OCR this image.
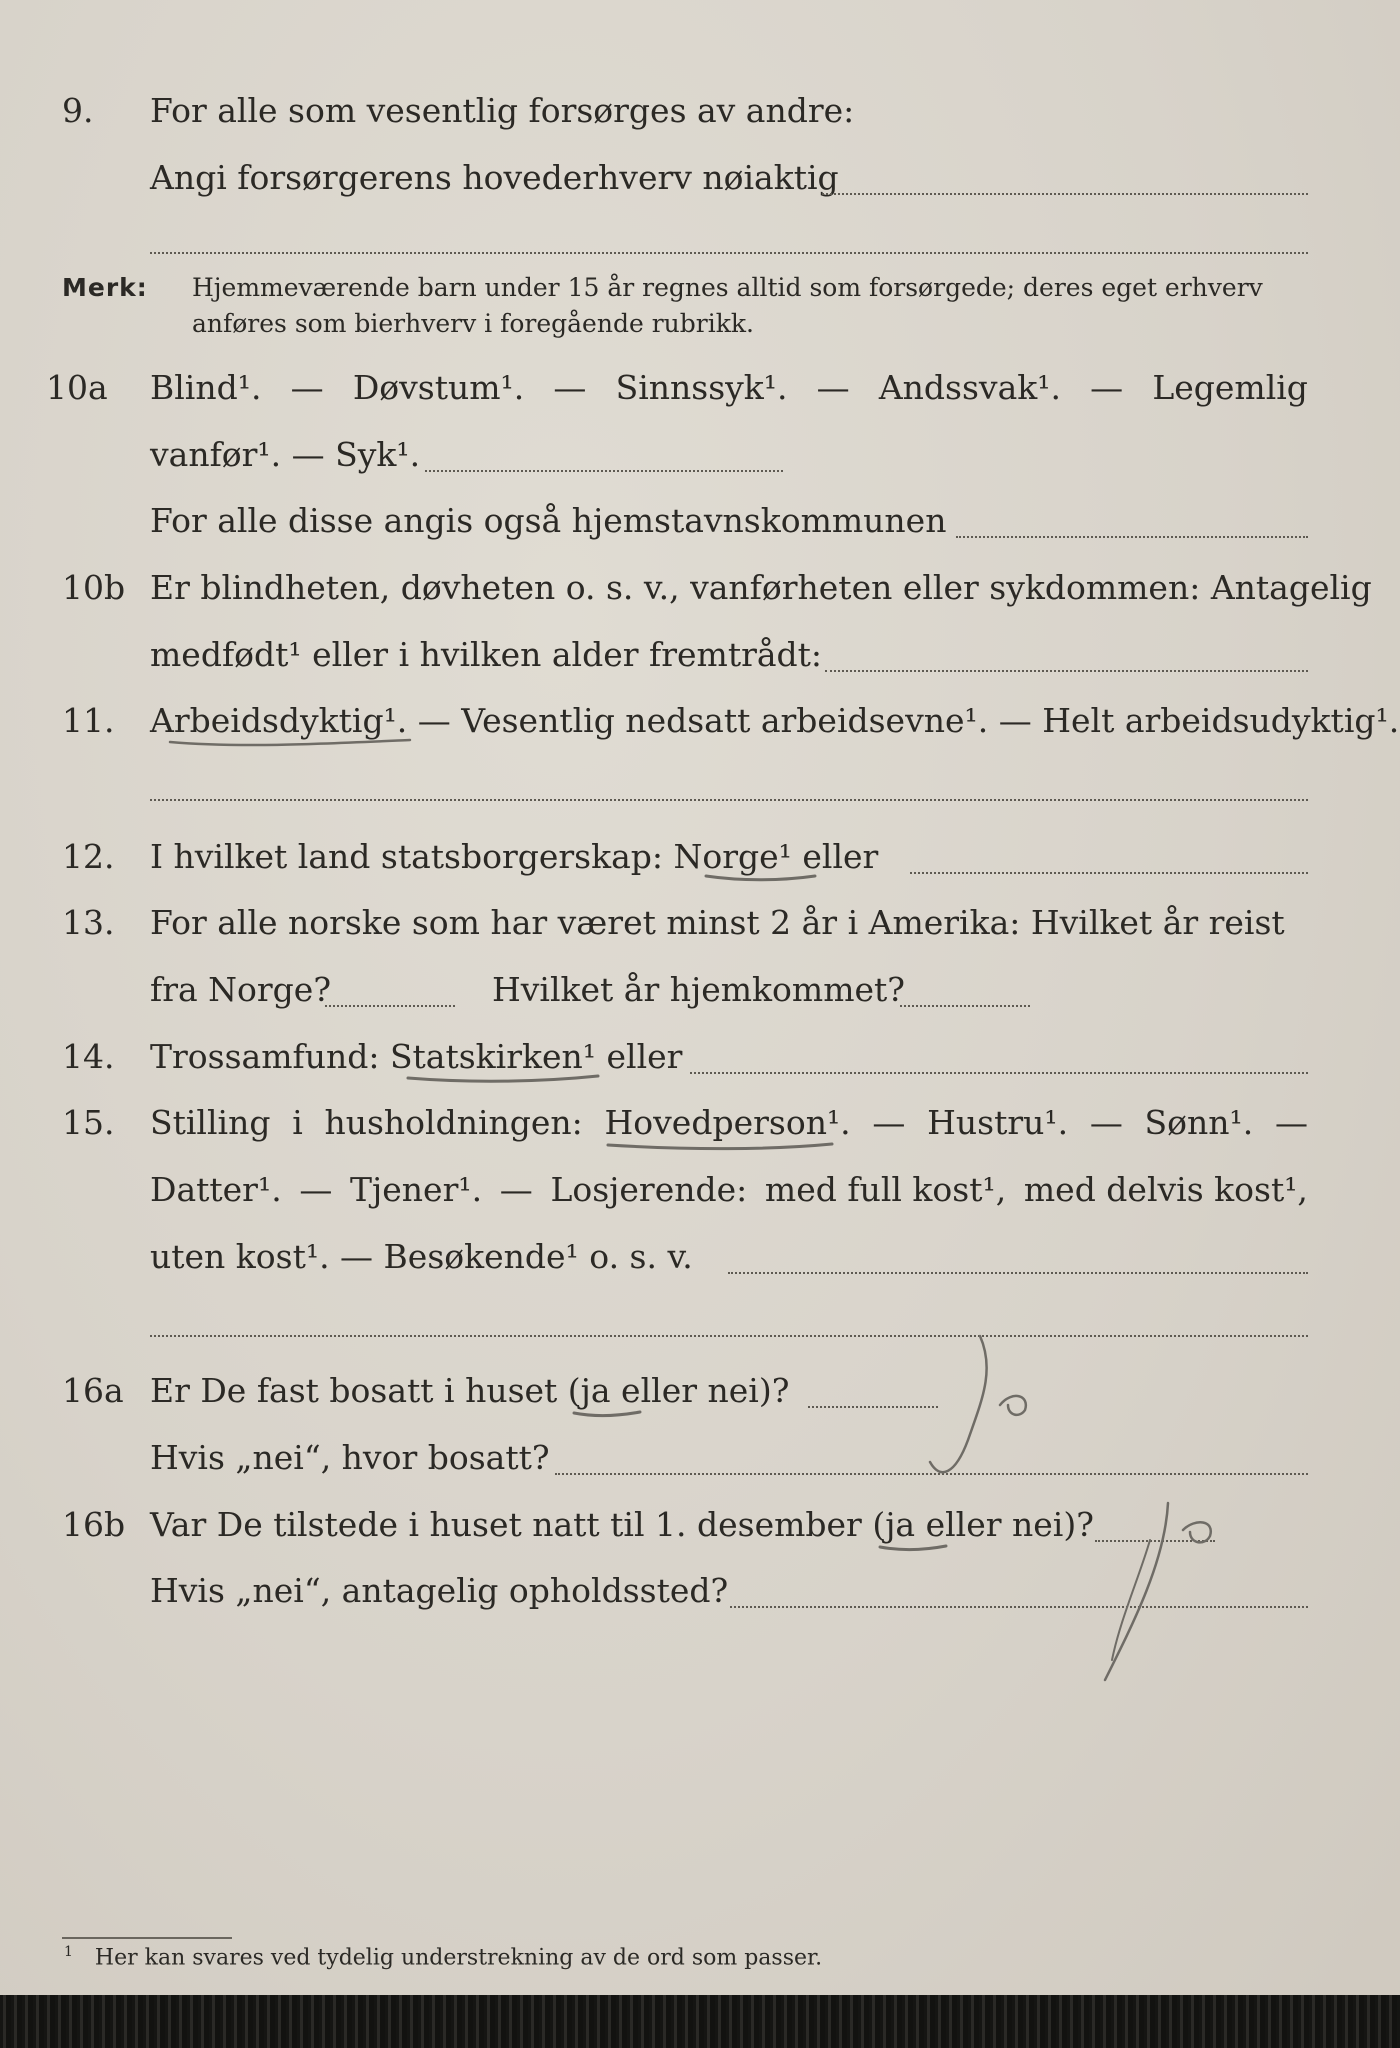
9. For alle som vesentlig forsørges av andre:
Angi forsørgerens hovederhverv nøiaktig
Merk: Hjemmeværende barn under 15 år regnes alltid som forsørgede; deres eget erhverv
anføres som bierhverv i foregående rubrikk.
10a Blind¹. — Døvstum¹. — Sinnssyk¹. — Andssvak¹. — Legemlig
vanfør¹. — Syk¹.
For alle disse angis også hjemstavnskommunen
10b Er blindheten, døvheten o. s. v., vanførheten eller sykdommen: Antagelig
medfødt¹ eller i hvilken alder fremtrådt:
11. Arbeidsdyktig¹. — Vesentlig nedsatt arbeidsevne¹. — Helt arbeidsudyktig¹.
12. I hvilket land statsborgerskap: Norge¹ eller
13. For alle norske som har været minst 2 år i Amerika: Hvilket år reist
fra Norge?	Hvilket år hjemkommet?
14. Trossamfund: Statskirken¹ eller
15. Stilling i husholdningen: Hovedperson¹. — Hustru¹. — Sønn¹. —
Datter¹. — Tjener¹. — Losjerende: med full kost¹, med delvis kost¹,
uten kost¹. — Besøkende¹ o. s. v.
16a Er De fast bosatt i huset (ja eller nei)?
Hvis „nei“, hvor bosatt?
16b Var De tilstede i huset natt til 1. desember (ja eller nei)?
Hvis „nei“, antagelig opholdssted?
$^1$ Her kan svares ved tydelig understrekning av de ord som passer.
